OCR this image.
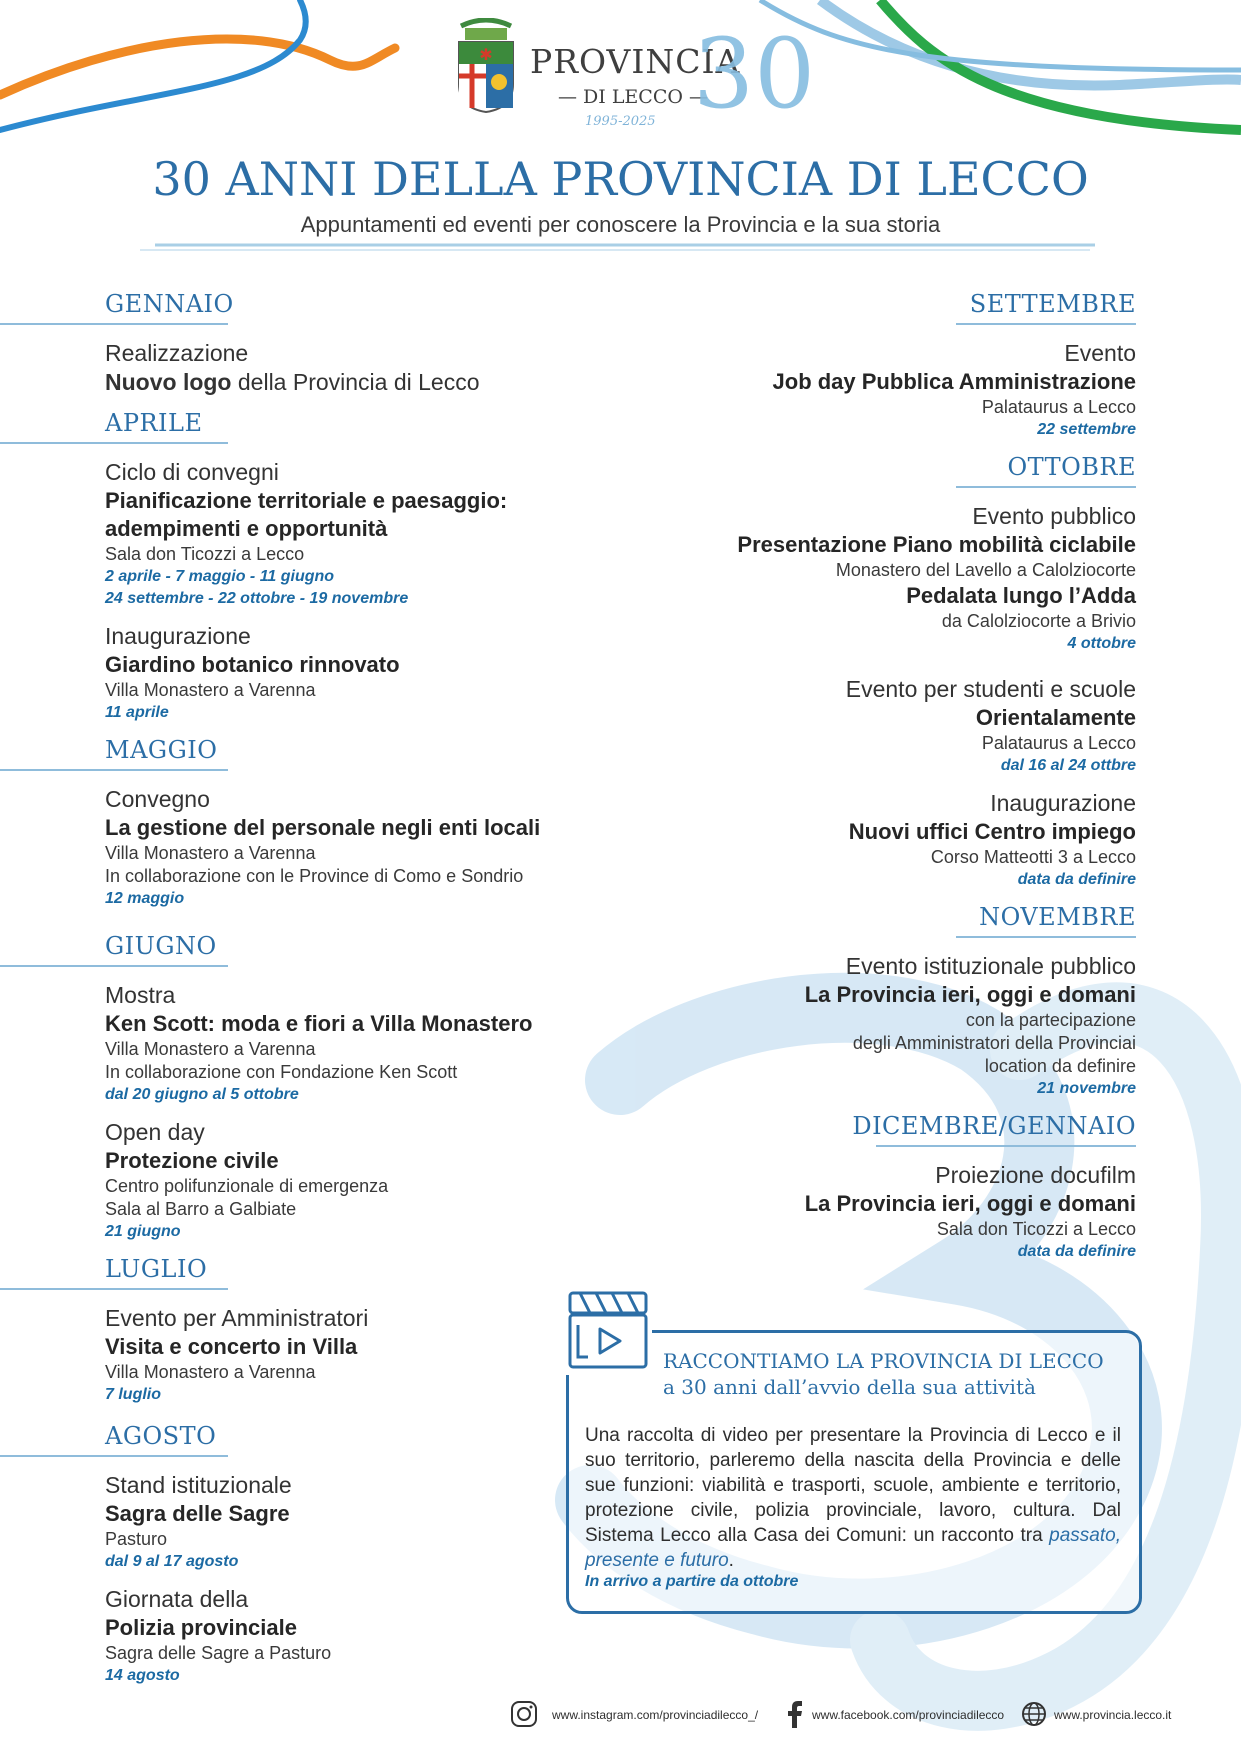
✱ PROVINCIA
— DI LECCO —
1995-2025 30
30 ANNI DELLA PROVINCIA DI LECCO
Appuntamenti ed eventi per conoscere la Provincia e la sua storia
GENNAIO
Realizzazione
Nuovo logo della Provincia di Lecco
APRILE
Ciclo di convegni
Pianificazione territoriale e paesaggio:
adempimenti e opportunità
Sala don Ticozzi a Lecco
2 aprile - 7 maggio - 11 giugno
24 settembre - 22 ottobre - 19 novembre
Inaugurazione
Giardino botanico rinnovato
Villa Monastero a Varenna
11 aprile
MAGGIO
Convegno
La gestione del personale negli enti locali
Villa Monastero a Varenna
In collaborazione con le Province di Como e Sondrio
12 maggio
GIUGNO
Mostra
Ken Scott: moda e fiori a Villa Monastero
Villa Monastero a Varenna
In collaborazione con Fondazione Ken Scott
dal 20 giugno al 5 ottobre
Open day
Protezione civile
Centro polifunzionale di emergenza
Sala al Barro a Galbiate
21 giugno
LUGLIO
Evento per Amministratori
Visita e concerto in Villa
Villa Monastero a Varenna
7 luglio
AGOSTO
Stand istituzionale
Sagra delle Sagre
Pasturo
dal 9 al 17 agosto
Giornata della
Polizia provinciale
Sagra delle Sagre a Pasturo
14 agosto
SETTEMBRE
Evento
Job day Pubblica Amministrazione
Palataurus a Lecco
22 settembre
OTTOBRE
Evento pubblico
Presentazione Piano mobilità ciclabile
Monastero del Lavello a Calolziocorte
Pedalata lungo l’Adda
da Calolziocorte a Brivio
4 ottobre
Evento per studenti e scuole
Orientalamente
Palataurus a Lecco
dal 16 al 24 ottbre
Inaugurazione
Nuovi uffici Centro impiego
Corso Matteotti 3 a Lecco
data da definire
NOVEMBRE
Evento istituzionale pubblico
La Provincia ieri, oggi e domani
con la partecipazione
degli Amministratori della Provinciai
location da definire
21 novembre
DICEMBRE/GENNAIO
Proiezione docufilm
La Provincia ieri, oggi e domani
Sala don Ticozzi a Lecco
data da definire
RACCONTIAMO LA PROVINCIA DI LECCO
a 30 anni dall’avvio della sua attività
Una raccolta di video per presentare la Provincia di Lecco e il suo territorio, parleremo della nascita della Provincia e delle sue funzioni: viabilità e trasporti, scuole, ambiente e territorio, protezione civile, polizia provinciale, lavoro, cultura. Dal Sistema Lecco alla Casa dei Comuni: un racconto tra passato, presente e futuro.
In arrivo a partire da ottobre
www.instagram.com/provinciadilecco_/	www.facebook.com/provinciadilecco	www.provincia.lecco.it
